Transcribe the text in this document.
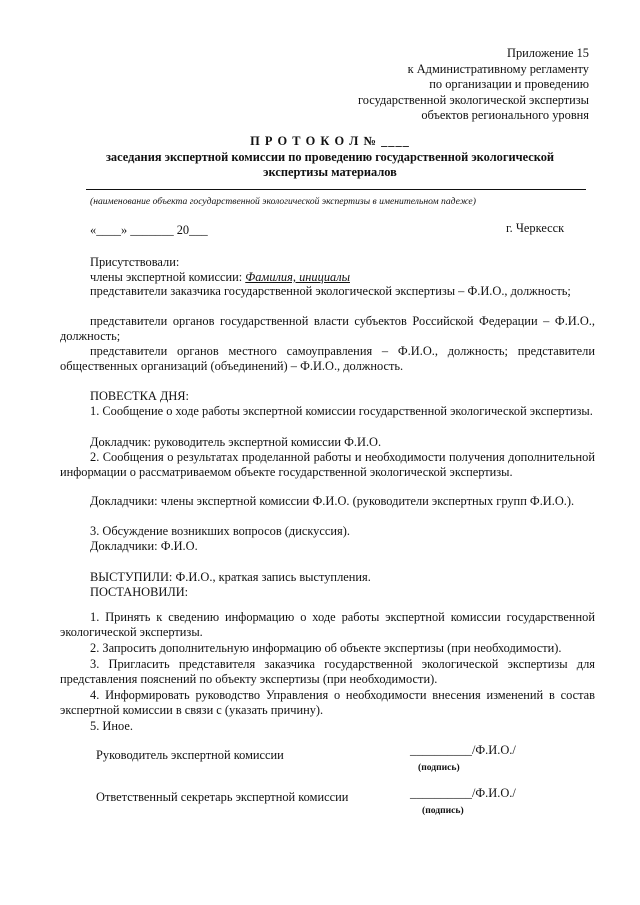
Приложение 15

к Административному регламенту

по организации и проведению

государственной экологической экспертизы

объектов регионального уровня

П Р О Т О К О Л № ____

заседания экспертной комиссии по проведению государственной экологической

экспертизы материалов

(наименование объекта государственной экологической экспертизы в именительном падеже)
«____» _______ 20___	г. Черкесск
Присутствовали:
члены экспертной комиссии: Фамилия, инициалы

представители заказчика государственной экологической экспертизы – Ф.И.О., должность;

представители органов государственной власти субъектов Российской Федерации – Ф.И.О., должность;

представители органов местного самоуправления – Ф.И.О., должность; представители общественных организаций (объединений) – Ф.И.О., должность.

ПОВЕСТКА ДНЯ:

1. Сообщение о ходе работы экспертной комиссии государственной экологической экспертизы.

Докладчик: руководитель экспертной комиссии Ф.И.О.

2. Сообщения о результатах проделанной работы и необходимости получения дополнительной информации о рассматриваемом объекте государственной экологической экспертизы.

Докладчики: члены экспертной комиссии Ф.И.О. (руководители экспертных групп Ф.И.О.).

3. Обсуждение возникших вопросов (дискуссия).

Докладчики: Ф.И.О.

ВЫСТУПИЛИ: Ф.И.О., краткая запись выступления.

ПОСТАНОВИЛИ:

1. Принять к сведению информацию о ходе работы экспертной комиссии государственной экологической экспертизы.

2. Запросить дополнительную информацию об объекте экспертизы (при необходимости).

3. Пригласить представителя заказчика государственной экологической экспертизы для представления пояснений по объекту экспертизы (при необходимости).

4. Информировать руководство Управления о необходимости внесения изменений в состав экспертной комиссии в связи с (указать причину).

5. Иное.

Руководитель экспертной комиссии	__________/Ф.И.О./
(подпись)
Ответственный секретарь экспертной комиссии	__________/Ф.И.О./
(подпись)
